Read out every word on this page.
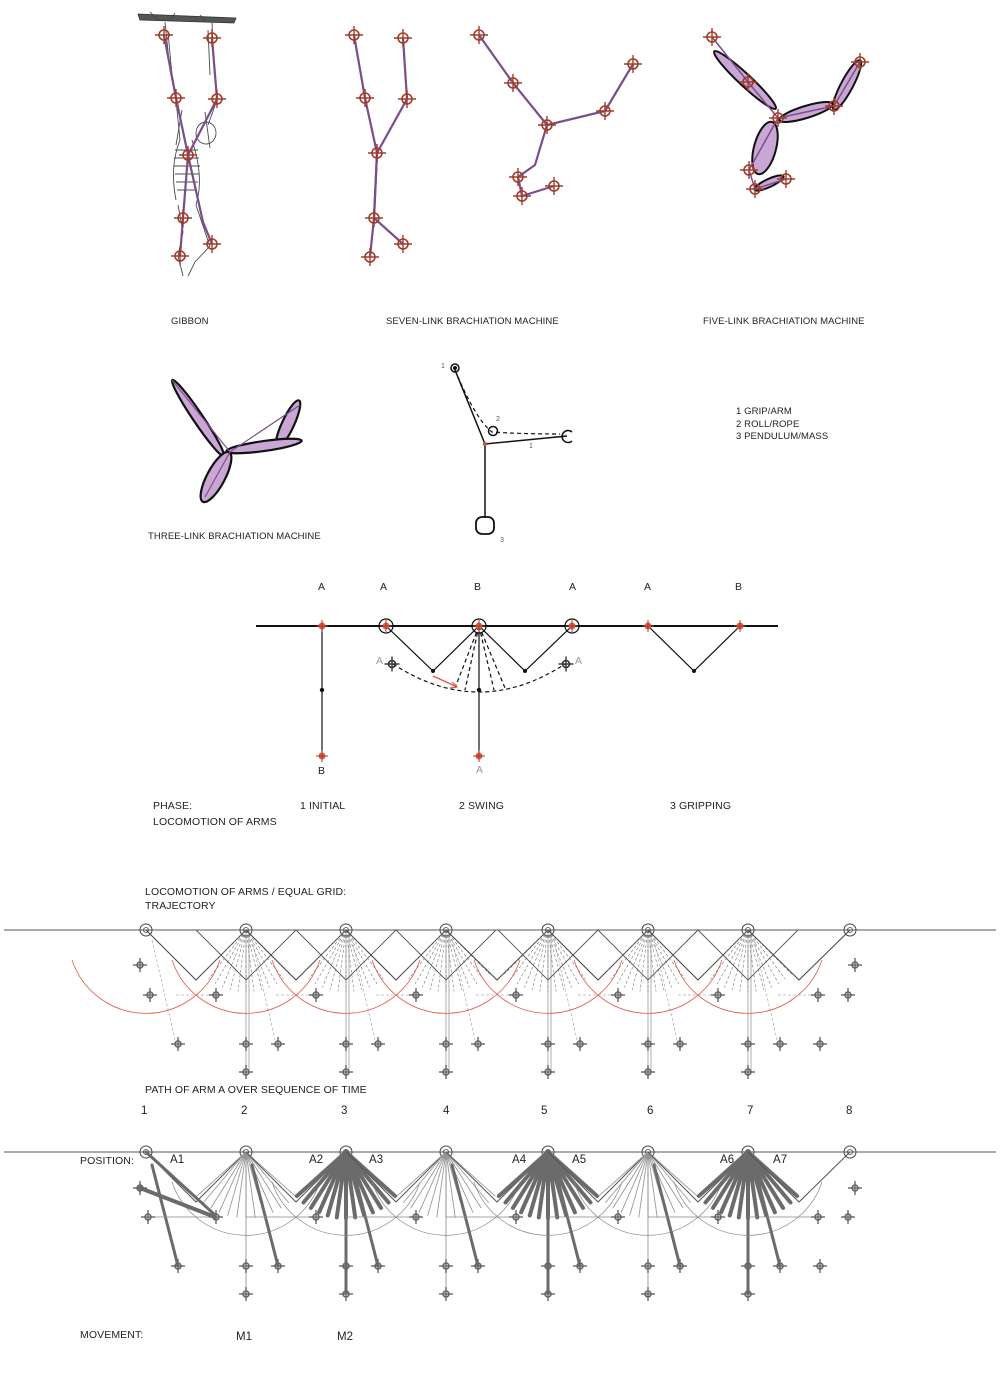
GIBBON	SEVEN-LINK BRACHIATION MACHINE	FIVE-LINK BRACHIATION MACHINE
THREE-LINK BRACHIATION MACHINE
1
2
1
3
1 GRIP/ARM
2 ROLL/ROPE
3 PENDULUM/MASS
A	A	B	A	A	B
A	A
B	A
PHASE:
LOCOMOTION OF ARMS
1 INITIAL	2 SWING	3 GRIPPING
LOCOMOTION OF ARMS / EQUAL GRID:
TRAJECTORY
PATH OF ARM A OVER SEQUENCE OF TIME
1	2	3	4	5	6	7	8
POSITION:	A1	A2	A3	A4	A5	A6	A7
MOVEMENT:	M1	M2
